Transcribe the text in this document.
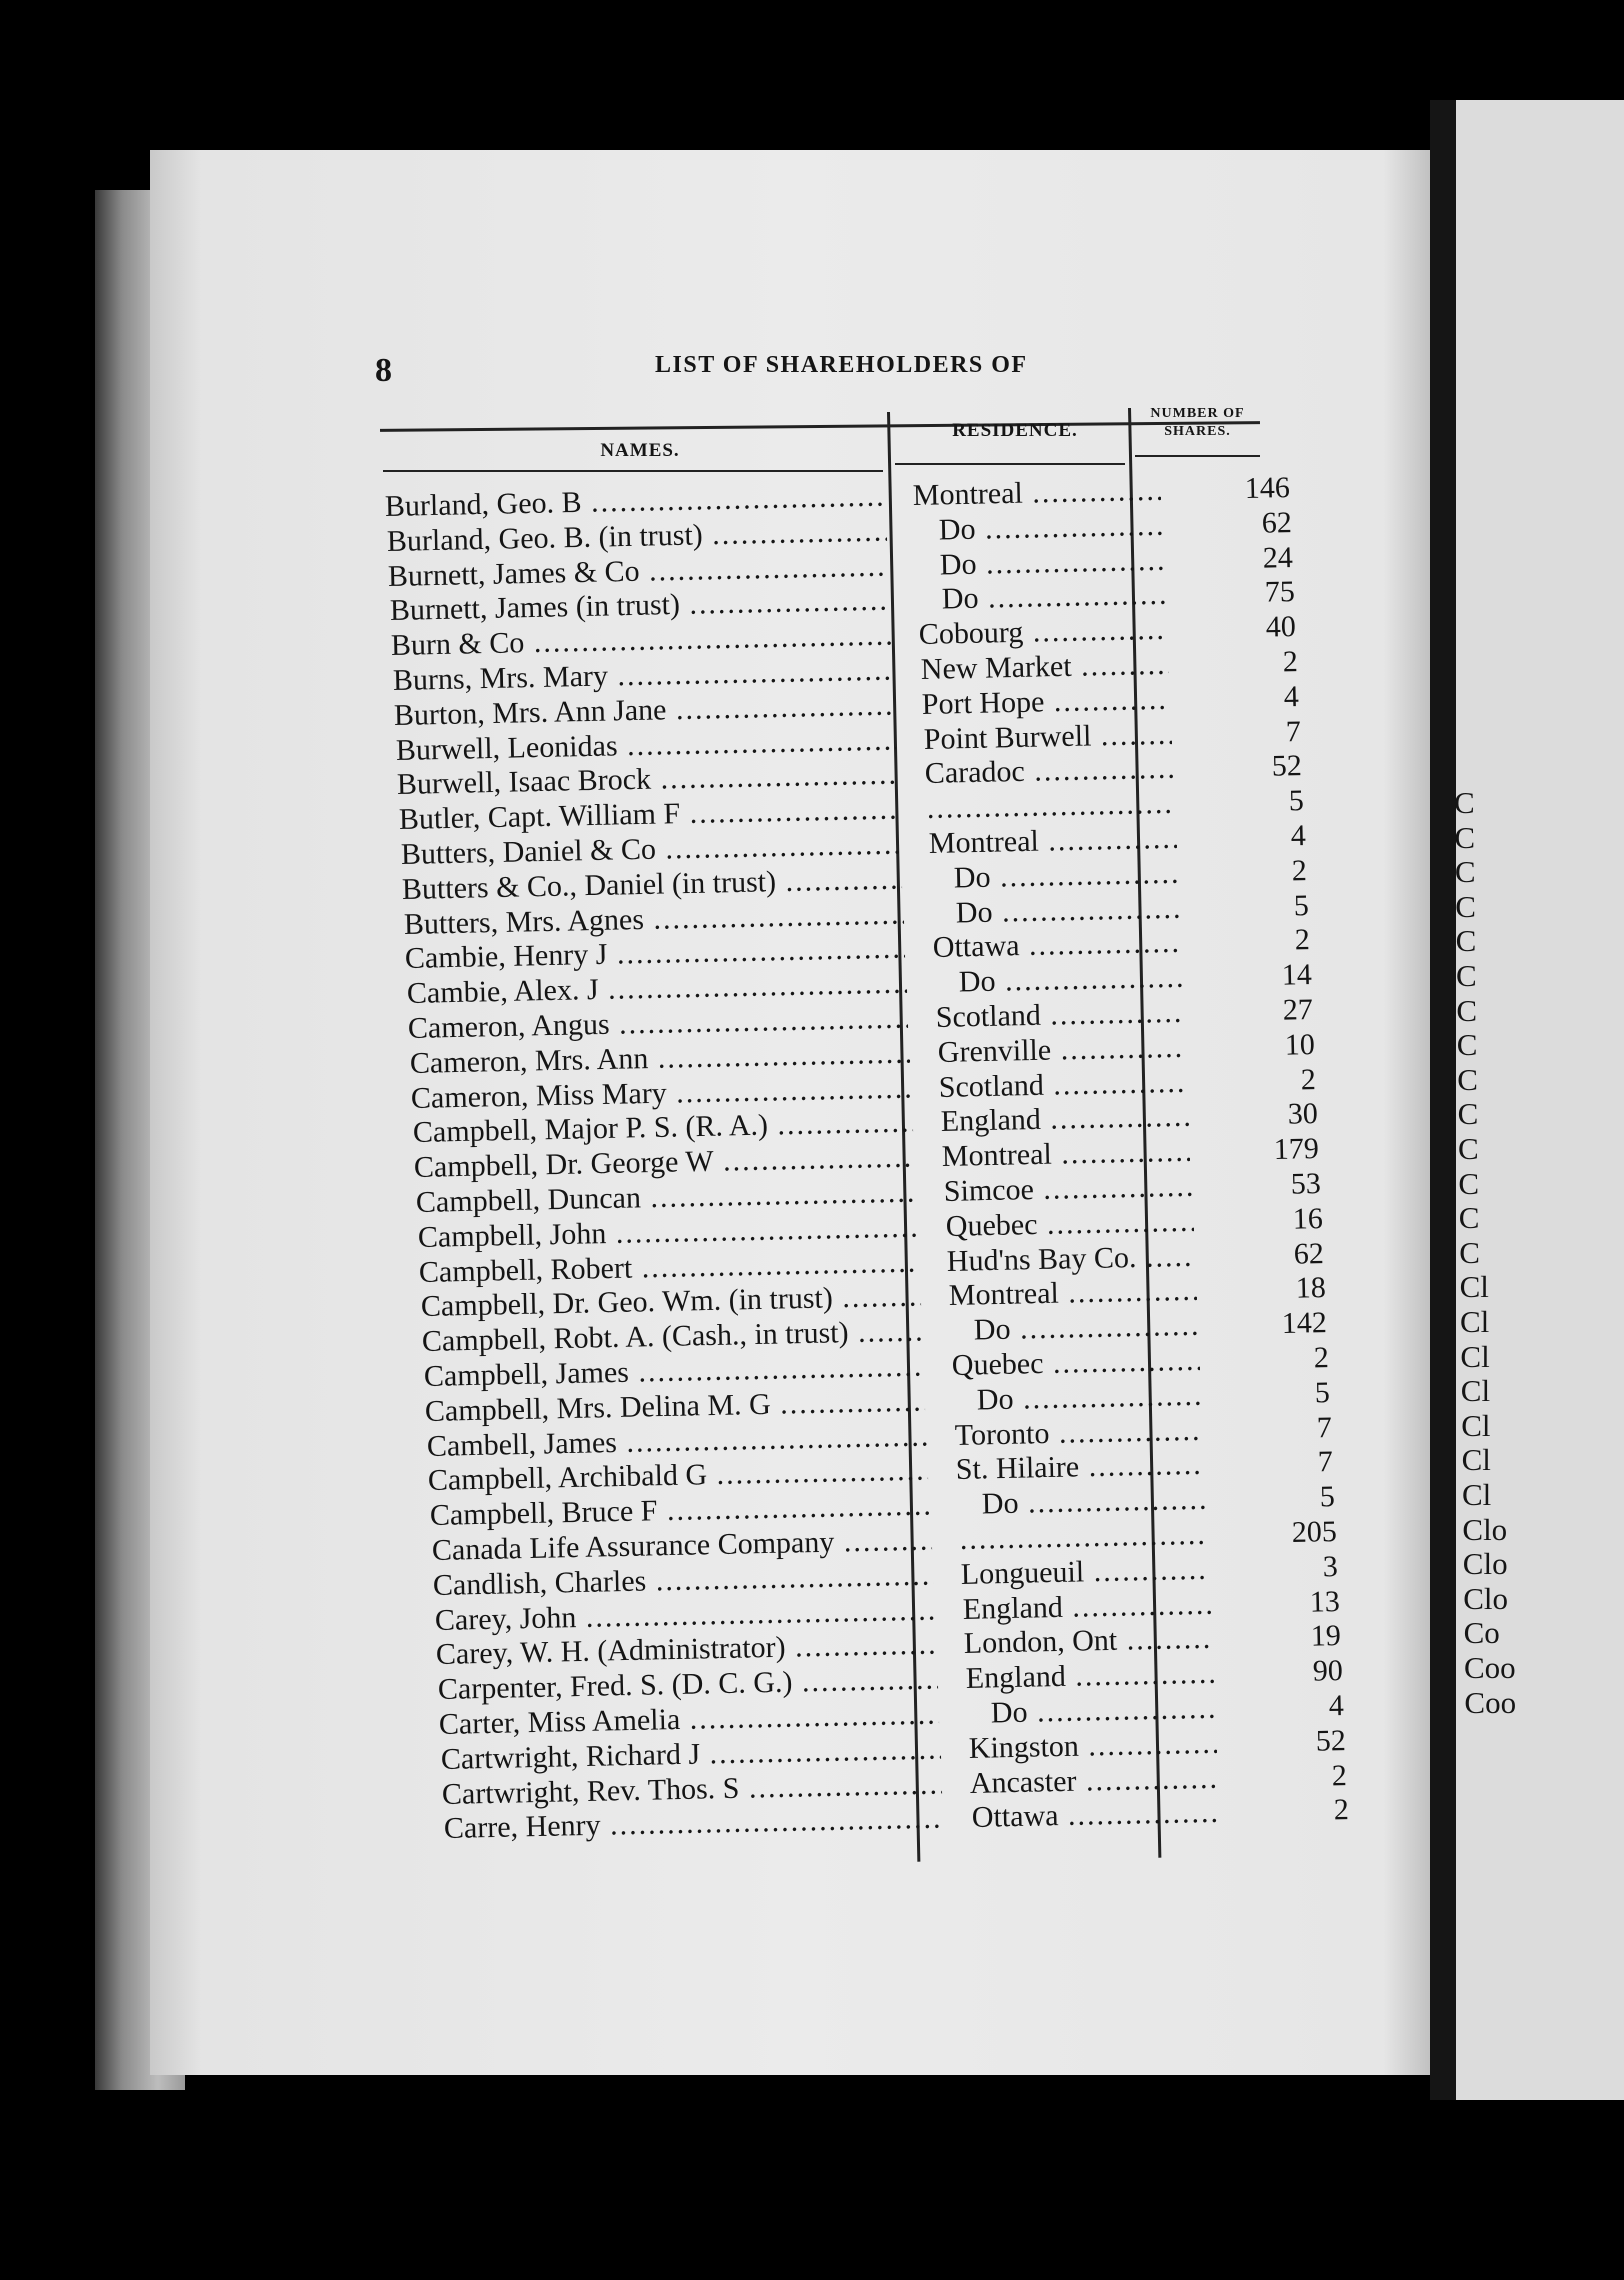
C
C
C
C
C
C
C
C
C
C
C
C
C
C
Cl
Cl
Cl
Cl
Cl
Cl
Cl
Clo
Clo
Clo
Co
Coo
Coo
8	LIST OF SHAREHOLDERS OF
NAMES.
RESIDENCE.
NUMBER OF
SHARES.
Burland, Geo. B .....	Montreal .....	146
Burland, Geo. B. (in trust) .....	Do .....	62
Burnett, James & Co .....	Do .....	24
Burnett, James (in trust) .....	Do .....	75
Burn & Co .....	Cobourg .....	40
Burns, Mrs. Mary .....	New Market .....	2
Burton, Mrs. Ann Jane .....	Port Hope .....	4
Burwell, Leonidas .....	Point Burwell .....	7
Burwell, Isaac Brock .....	Caradoc .....	52
Butler, Capt. William F ..... .....	5
Butters, Daniel & Co .....	Montreal .....	4
Butters & Co., Daniel (in trust) .....	Do .....	2
Butters, Mrs. Agnes .....	Do .....	5
Cambie, Henry J .....	Ottawa .....	2
Cambie, Alex. J .....	Do .....	14
Cameron, Angus .....	Scotland .....	27
Cameron, Mrs. Ann .....	Grenville .....	10
Cameron, Miss Mary .....	Scotland .....	2
Campbell, Major P. S. (R. A.) .....	England .....	30
Campbell, Dr. George W .....	Montreal .....	179
Campbell, Duncan .....	Simcoe .....	53
Campbell, John .....	Quebec .....	16
Campbell, Robert .....	Hud'ns Bay Co. .....	62
Campbell, Dr. Geo. Wm. (in trust) .....	Montreal .....	18
Campbell, Robt. A. (Cash., in trust) .....	Do .....	142
Campbell, James .....	Quebec .....	2
Campbell, Mrs. Delina M. G .....	Do .....	5
Cambell, James .....	Toronto .....	7
Campbell, Archibald G .....	St. Hilaire .....	7
Campbell, Bruce F .....	Do .....	5
Canada Life Assurance Company ..... .....	205
Candlish, Charles .....	Longueuil .....	3
Carey, John .....	England .....	13
Carey, W. H. (Administrator) .....	London, Ont .....	19
Carpenter, Fred. S. (D. C. G.) .....	England .....	90
Carter, Miss Amelia .....	Do .....	4
Cartwright, Richard J .....	Kingston .....	52
Cartwright, Rev. Thos. S .....	Ancaster .....	2
Carre, Henry .....	Ottawa .....	2
